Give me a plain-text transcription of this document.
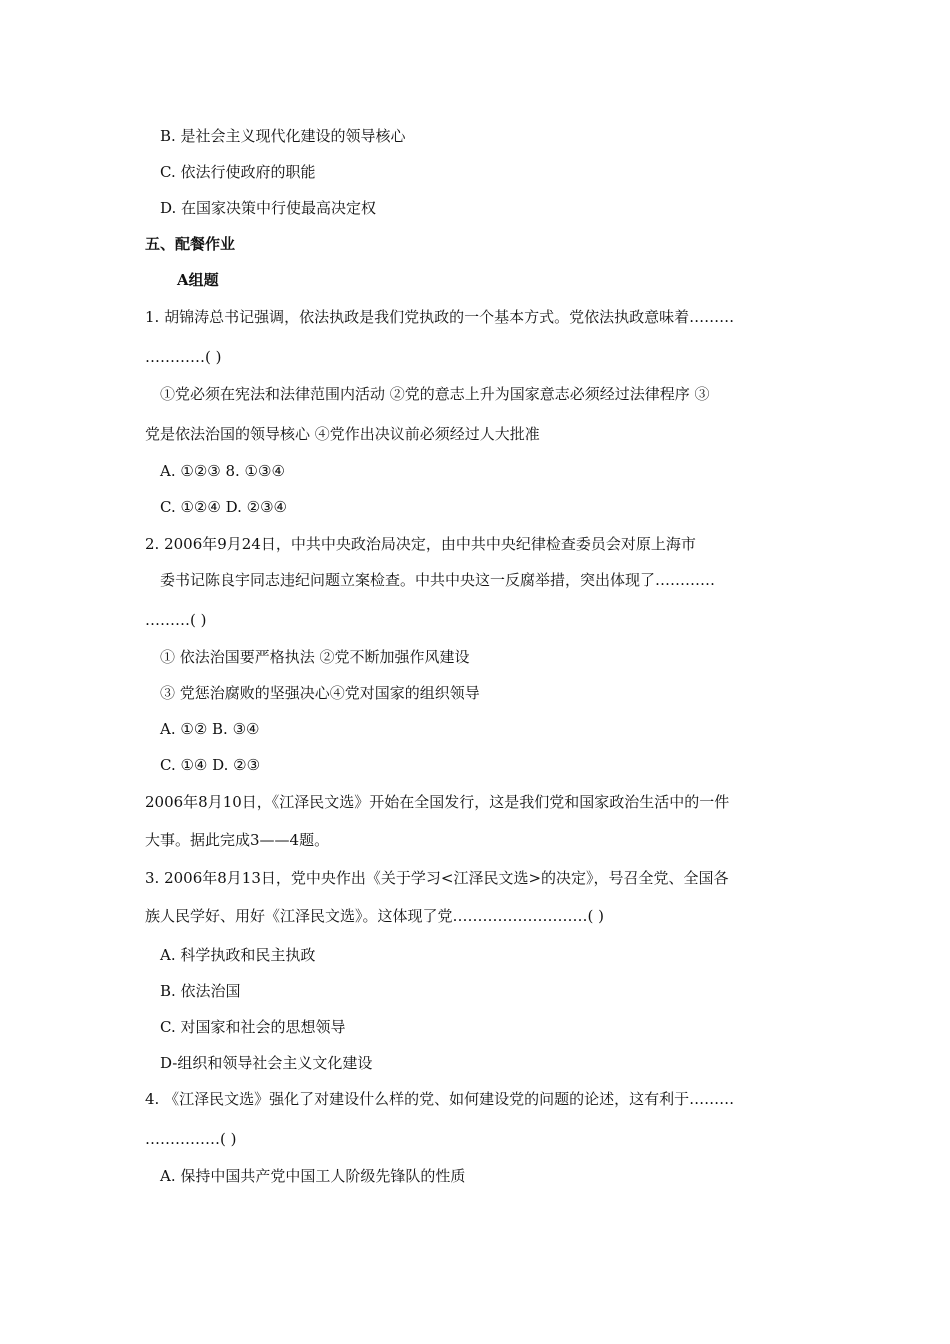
B. 是社会主义现代化建设的领导核心
C. 依法行使政府的职能
D. 在国家决策中行使最高决定权
五、配餐作业
A组题
1. 胡锦涛总书记强调，依法执政是我们党执政的一个基本方式。党依法执政意味着………
…………( )
①党必须在宪法和法律范围内活动 ②党的意志上升为国家意志必须经过法律程序 ③
党是依法治国的领导核心 ④党作出决议前必须经过人大批准
A. ①②③ 8. ①③④
C. ①②④ D. ②③④
2. 2006年9月24日，中共中央政治局决定，由中共中央纪律检查委员会对原上海市
委书记陈良宇同志违纪问题立案检查。中共中央这一反腐举措，突出体现了…………
………( )
① 依法治国要严格执法 ②党不断加强作风建设
③ 党惩治腐败的坚强决心④党对国家的组织领导
A. ①② B. ③④
C. ①④ D. ②③
2006年8月10日，《江泽民文选》开始在全国发行，这是我们党和国家政治生活中的一件
大事。据此完成3——4题。
3. 2006年8月13日，党中央作出《关于学习<江泽民文选>的决定》，号召全党、全国各
族人民学好、用好《江泽民文选》。这体现了党………………………( )
A. 科学执政和民主执政
B. 依法治国
C. 对国家和社会的思想领导
D-组织和领导社会主义文化建设
4. 《江泽民文选》强化了对建设什么样的党、如何建设党的问题的论述，这有利于………
……………( )
A. 保持中国共产党中国工人阶级先锋队的性质
